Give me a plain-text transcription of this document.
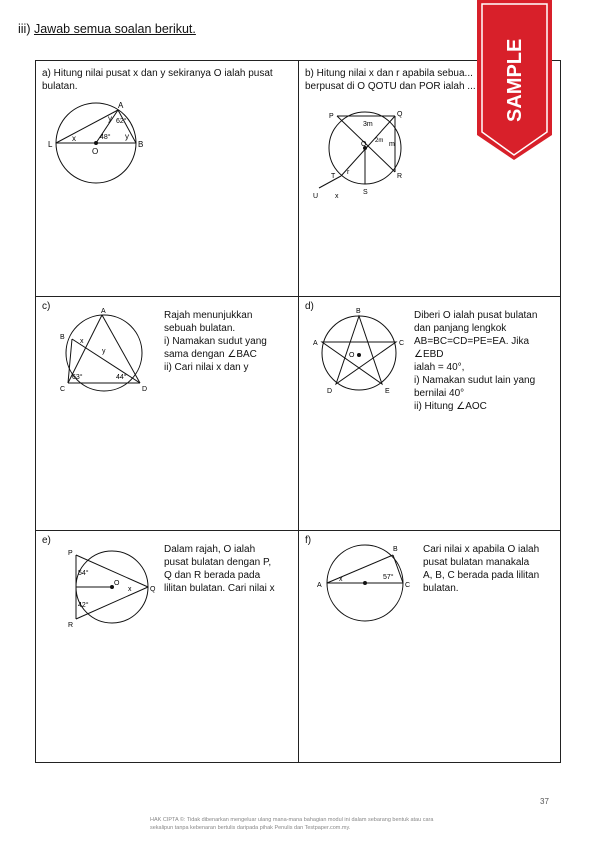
iii) Jawab semua soalan berikut.
a) Hitung nilai pusat x dan y sekiranya O ialah pusat bulatan.
A
L	B
O
x
y
y
62°
48°
b) Hitung nilai x dan r apabila sebua... berpusat di O QOTU dan POR ialah ...
P	Q
O
T
U
S
R
x
r
3m
2m m
c)	A
B
C	D
x
y
63°	44°
Rajah menunjukkan
sebuah bulatan.
i) Namakan sudut yang
sama dengan ∠BAC
ii) Cari nilai x dan y
d)	B
A	C
D	E
O
Diberi O ialah pusat bulatan
dan panjang lengkok
AB=BC=CD=PE=EA. Jika ∠EBD
ialah = 40°,
i) Namakan sudut lain yang
bernilai 40°
ii) Hitung ∠AOC
e)
P
R
Q
O
x
54°
42°
Dalam rajah, O ialah
pusat bulatan dengan P,
Q dan R berada pada
lilitan bulatan. Cari nilai x
f)
A
B
C
x	57°
Cari nilai x apabila O ialah
pusat bulatan manakala
A, B, C berada pada lilitan
bulatan.
SAMPLE
37
HAK CIPTA ©: Tidak dibenarkan mengeluar ulang mana-mana bahagian modul ini dalam sebarang bentuk atau cara sekalipun tanpa kebenaran bertulis daripada pihak Penulis dan Testpaper.com.my.
